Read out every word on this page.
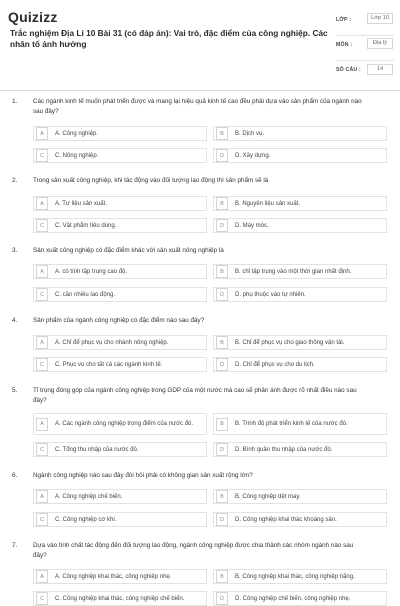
Quizizz
Trắc nghiệm Địa Lí 10 Bài 31 (có đáp án): Vai trò, đặc điểm của công nghiệp. Các nhân tố ảnh hưởng
LỚP :	Lớp 10
MÔN :	Địa lý
SỐ CÂU :	14
1. Các ngành kinh tế muốn phát triển được và mang lại hiệu quả kinh tế cao đều phải dựa vào sản phẩm của ngành nào sau đây?
A	A. Công nghiệp.	B	B. Dịch vụ.
C	C. Nông nghiệp.	D	D. Xây dựng.
2. Trong sản xuất công nghiệp, khi tác động vào đối tượng lao động thì sản phẩm sẽ là
A	A. Tư liệu sản xuất.	B	B. Nguyên liệu sản xuất.
C	C. Vật phẩm tiêu dùng.	D	D. Máy móc.
3. Sản xuất công nghiệp có đặc điểm khác với sản xuất nông nghiệp là
A	A. có tính tập trung cao độ.	B	B. chỉ tập trung vào một thời gian nhất định.
C	C. cần nhiều lao động.	D	D. phụ thuộc vào tự nhiên.
4. Sản phẩm của ngành công nghiệp có đặc điểm nào sau đây?
A	A. Chỉ để phục vụ cho nhành nông nghiệp.	B	B. Chỉ để phục vụ cho giao thông vận tải.
C	C. Phục vụ cho tất cả các ngành kinh tế.	D	D. Chỉ để phục vụ cho du lịch.
5. Tỉ trọng đóng góp của ngành công nghiệp trong GDP của một nước mà cao sẽ phản ánh được rõ nhất điều nào sau đây?
A	A. Các ngành công nghiệp trọng điểm của nước đó.	B	B. Trình độ phát triển kinh tế của nước đó.
C	C. Tổng thu nhập của nước đó.	D	D. Bình quân thu nhập của nước đó.
6. Ngành công nghiệp nào sau đây đòi hỏi phải có không gian sản xuất rộng lớn?
A	A. Công nghiệp chế biến.	B	B. Công nghiệp dệt may.
C	C. Công nghiệp cơ khí.	D	D. Công nghiệp khai thác khoáng sản.
7. Dựa vào tính chất tác động đến đối tượng lao động, ngành công nghiệp được chia thành các nhóm ngành nào sau đây?
A	A. Công nghiệp khai thác, công nghiệp nhẹ.	B	B. Công nghiệp khai thác, công nghiệp nặng.
C	C. Công nghiệp khai thác, công nghiệp chế biến.	D	D. Công nghiệp chế biến, công nghiệp nhẹ.
